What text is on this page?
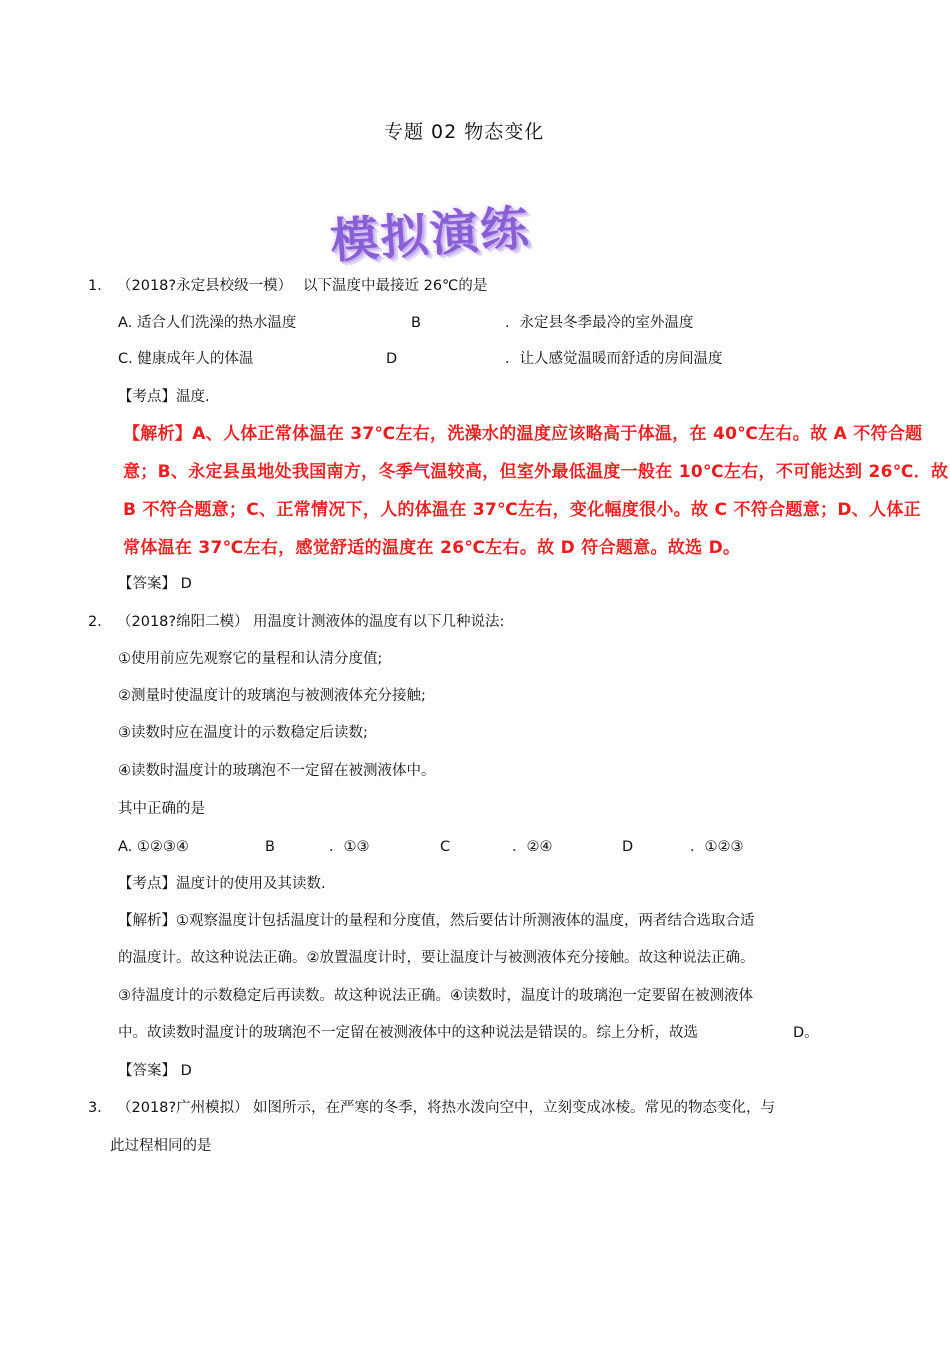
专题 02 物态变化
模拟演练
1． （2018?永定县校级一模） 以下温度中最接近 26℃的是
A. 适合人们洗澡的热水温度	B	．永定县冬季最冷的室外温度
C. 健康成年人的体温	D	．让人感觉温暖而舒适的房间温度
【考点】温度.
【解析】A、人体正常体温在 37℃左右，洗澡水的温度应该略高于体温，在 40℃左右。故 A 不符合题
意；B、永定县虽地处我国南方，冬季气温较高，但室外最低温度一般在 10℃左右，不可能达到 26℃．故
B 不符合题意；C、正常情况下，人的体温在 37℃左右，变化幅度很小。故 C 不符合题意；D、人体正
常体温在 37℃左右，感觉舒适的温度在 26℃左右。故 D 符合题意。故选 D。
【答案】 D
2． （2018?绵阳二模） 用温度计测液体的温度有以下几种说法:
①使用前应先观察它的量程和认清分度值;
②测量时使温度计的玻璃泡与被测液体充分接触;
③读数时应在温度计的示数稳定后读数;
④读数时温度计的玻璃泡不一定留在被测液体中。
其中正确的是
A. ①②③④	B	．①③	C	．②④	D	．①②③
【考点】温度计的使用及其读数.
【解析】①观察温度计包括温度计的量程和分度值，然后要估计所测液体的温度，两者结合选取合适
的温度计。故这种说法正确。②放置温度计时，要让温度计与被测液体充分接触。故这种说法正确。
③待温度计的示数稳定后再读数。故这种说法正确。④读数时，温度计的玻璃泡一定要留在被测液体
中。故读数时温度计的玻璃泡不一定留在被测液体中的这种说法是错误的。综上分析，故选	D。
【答案】 D
3． （2018?广州模拟） 如图所示，在严寒的冬季，将热水泼向空中，立刻变成冰棱。常见的物态变化，与
此过程相同的是
